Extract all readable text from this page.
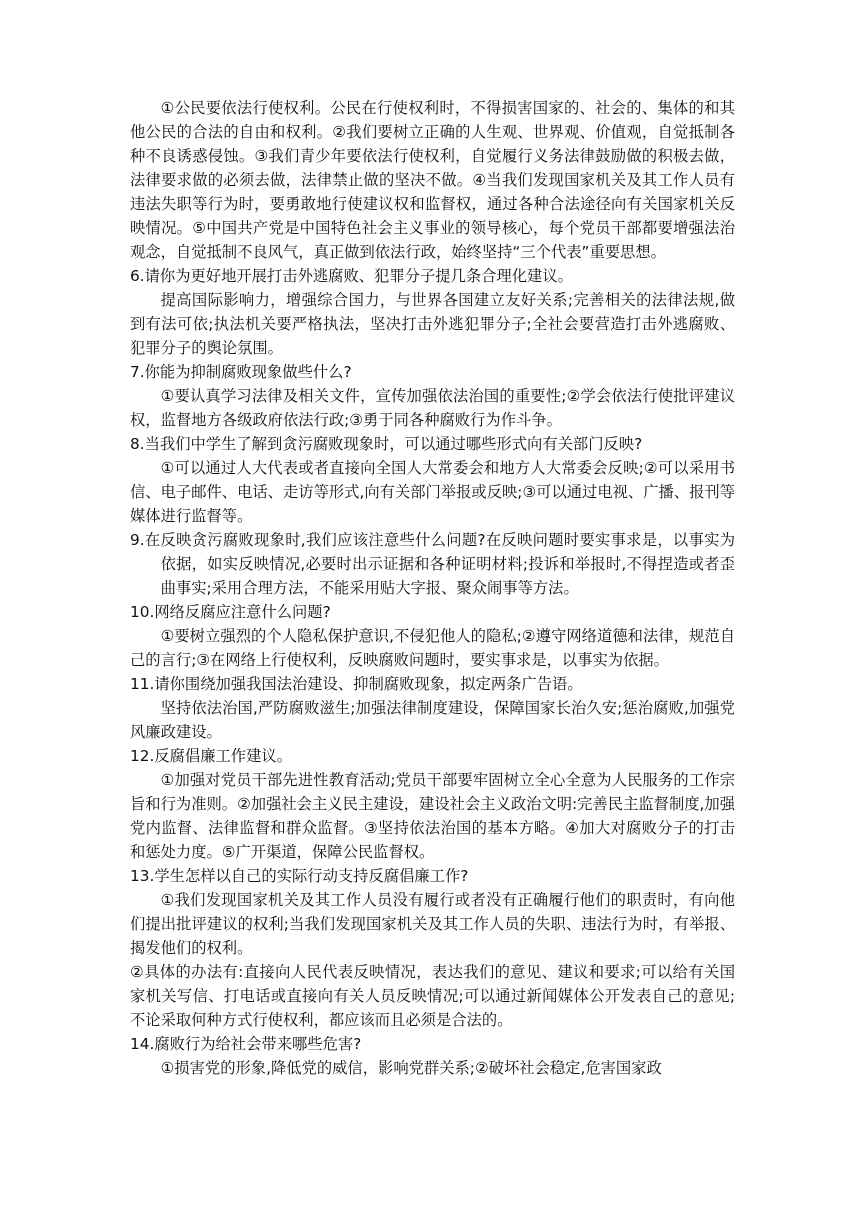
①公民要依法行使权利。公民在行使权利时，不得损害国家的、社会的、集体的和其他公民的合法的自由和权利。②我们要树立正确的人生观、世界观、价值观，自觉抵制各种不良诱惑侵蚀。③我们青少年要依法行使权利，自觉履行义务法律鼓励做的积极去做，法律要求做的必须去做，法律禁止做的坚决不做。④当我们发现国家机关及其工作人员有违法失职等行为时，要勇敢地行使建议权和监督权，通过各种合法途径向有关国家机关反映情况。⑤中国共产党是中国特色社会主义事业的领导核心，每个党员干部都要增强法治观念，自觉抵制不良风气，真正做到依法行政，始终坚持“三个代表”重要思想。

6.请你为更好地开展打击外逃腐败、犯罪分子提几条合理化建议。

提高国际影响力，增强综合国力，与世界各国建立友好关系;完善相关的法律法规,做到有法可依;执法机关要严格执法，坚决打击外逃犯罪分子;全社会要营造打击外逃腐败、犯罪分子的舆论氛围。

7.你能为抑制腐败现象做些什么?

①要认真学习法律及相关文件，宣传加强依法治国的重要性;②学会依法行使批评建议权，监督地方各级政府依法行政;③勇于同各种腐败行为作斗争。

8.当我们中学生了解到贪污腐败现象时，可以通过哪些形式向有关部门反映?

①可以通过人大代表或者直接向全国人大常委会和地方人大常委会反映;②可以采用书信、电子邮件、电话、走访等形式,向有关部门举报或反映;③可以通过电视、广播、报刊等媒体进行监督等。

9.在反映贪污腐败现象时,我们应该注意些什么问题?在反映问题时要实事求是，以事实为依据，如实反映情况,必要时出示证据和各种证明材料;投诉和举报时,不得捏造或者歪曲事实;采用合理方法，不能采用贴大字报、聚众闹事等方法。

10.网络反腐应注意什么问题?

①要树立强烈的个人隐私保护意识,不侵犯他人的隐私;②遵守网络道德和法律，规范自己的言行;③在网络上行使权利，反映腐败问题时，要实事求是，以事实为依据。

11.请你围绕加强我国法治建设、抑制腐败现象，拟定两条广告语。

坚持依法治国,严防腐败滋生;加强法律制度建设，保障国家长治久安;惩治腐败,加强党风廉政建设。

12.反腐倡廉工作建议。

①加强对党员干部先进性教育活动;党员干部要牢固树立全心全意为人民服务的工作宗旨和行为准则。②加强社会主义民主建设，建设社会主义政治文明:完善民主监督制度,加强党内监督、法律监督和群众监督。③坚持依法治国的基本方略。④加大对腐败分子的打击和惩处力度。⑤广开渠道，保障公民监督权。

13.学生怎样以自己的实际行动支持反腐倡廉工作?

①我们发现国家机关及其工作人员没有履行或者没有正确履行他们的职责时，有向他们提出批评建议的权利;当我们发现国家机关及其工作人员的失职、违法行为时，有举报、揭发他们的权利。

②具体的办法有:直接向人民代表反映情况，表达我们的意见、建议和要求;可以给有关国家机关写信、打电话或直接向有关人员反映情况;可以通过新闻媒体公开发表自己的意见;不论采取何种方式行使权利，都应该而且必须是合法的。

14.腐败行为给社会带来哪些危害?

①损害党的形象,降低党的威信，影响党群关系;②破坏社会稳定,危害国家政
